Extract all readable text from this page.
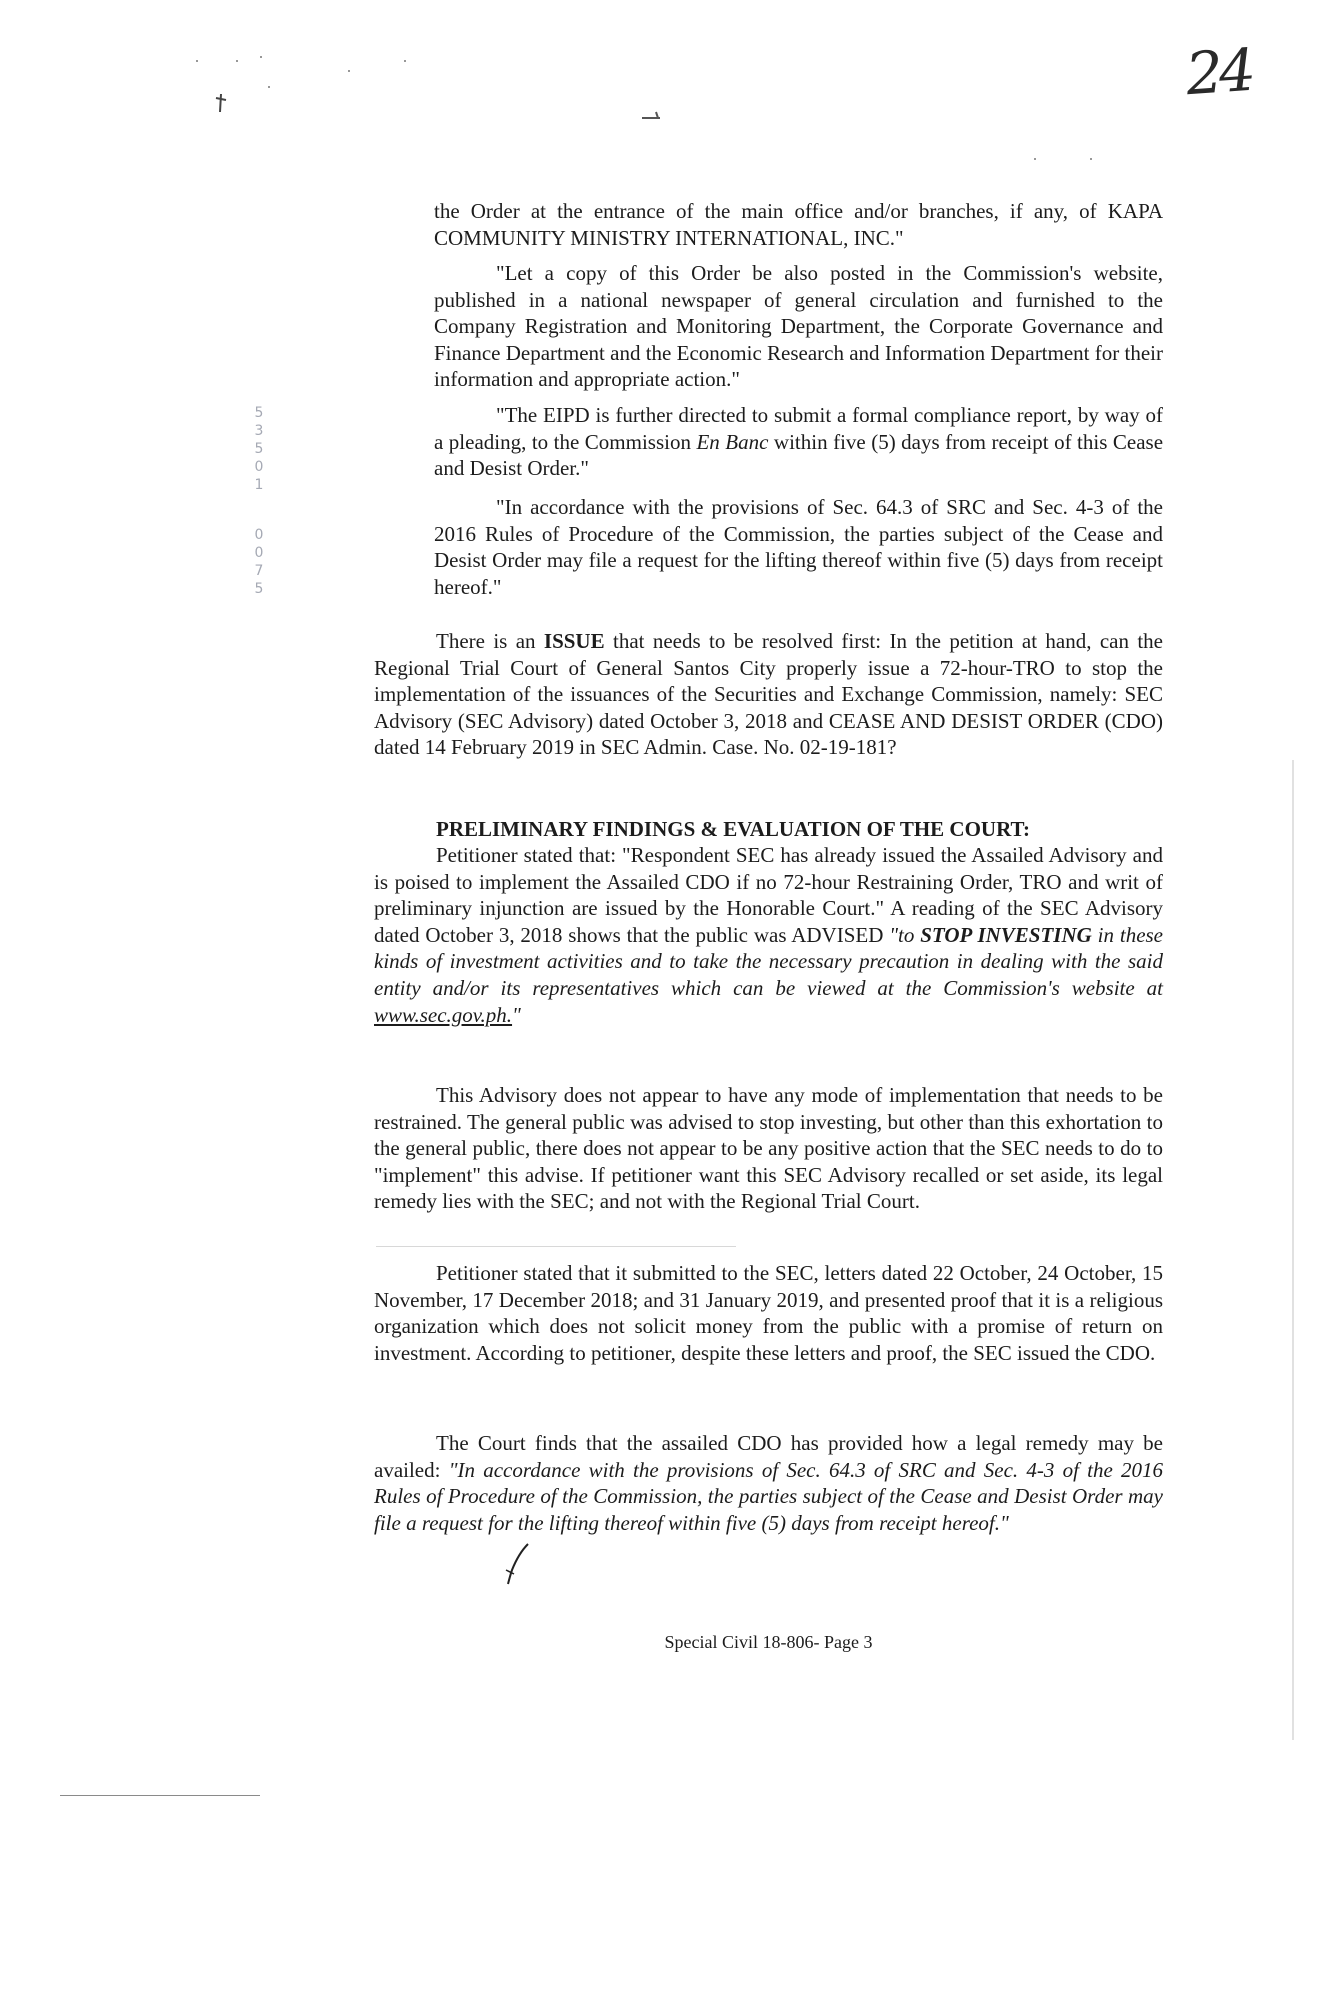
24
5
3
5
0
1
0
0
7
5

the Order at the entrance of the main office and/or branches, if any, of KAPA COMMUNITY MINISTRY INTERNATIONAL, INC."

"Let a copy of this Order be also posted in the Commission's website, published in a national newspaper of general circulation and furnished to the Company Registration and Monitoring Department, the Corporate Governance and Finance Department and the Economic Research and Information Department for their information and appropriate action."

"The EIPD is further directed to submit a formal compliance report, by way of a pleading, to the Commission En Banc within five (5) days from receipt of this Cease and Desist Order."

"In accordance with the provisions of Sec. 64.3 of SRC and Sec. 4-3 of the 2016 Rules of Procedure of the Commission, the parties subject of the Cease and Desist Order may file a request for the lifting thereof within five (5) days from receipt hereof."

There is an ISSUE that needs to be resolved first: In the petition at hand, can the Regional Trial Court of General Santos City properly issue a 72-hour-TRO to stop the implementation of the issuances of the Securities and Exchange Commission, namely: SEC Advisory (SEC Advisory) dated October 3, 2018 and CEASE AND DESIST ORDER (CDO) dated 14 February 2019 in SEC Admin. Case. No. 02-19-181?

PRELIMINARY FINDINGS & EVALUATION OF THE COURT:

Petitioner stated that: "Respondent SEC has already issued the Assailed Advisory and is poised to implement the Assailed CDO if no 72-hour Restraining Order, TRO and writ of preliminary injunction are issued by the Honorable Court." A reading of the SEC Advisory dated October 3, 2018 shows that the public was ADVISED "to STOP INVESTING in these kinds of investment activities and to take the necessary precaution in dealing with the said entity and/or its representatives which can be viewed at the Commission's website at www.sec.gov.ph."

This Advisory does not appear to have any mode of implementation that needs to be restrained. The general public was advised to stop investing, but other than this exhortation to the general public, there does not appear to be any positive action that the SEC needs to do to "implement" this advise. If petitioner want this SEC Advisory recalled or set aside, its legal remedy lies with the SEC; and not with the Regional Trial Court.

Petitioner stated that it submitted to the SEC, letters dated 22 October, 24 October, 15 November, 17 December 2018; and 31 January 2019, and presented proof that it is a religious organization which does not solicit money from the public with a promise of return on investment. According to petitioner, despite these letters and proof, the SEC issued the CDO.

The Court finds that the assailed CDO has provided how a legal remedy may be availed: "In accordance with the provisions of Sec. 64.3 of SRC and Sec. 4-3 of the 2016 Rules of Procedure of the Commission, the parties subject of the Cease and Desist Order may file a request for the lifting thereof within five (5) days from receipt hereof."

Special Civil 18-806- Page 3
